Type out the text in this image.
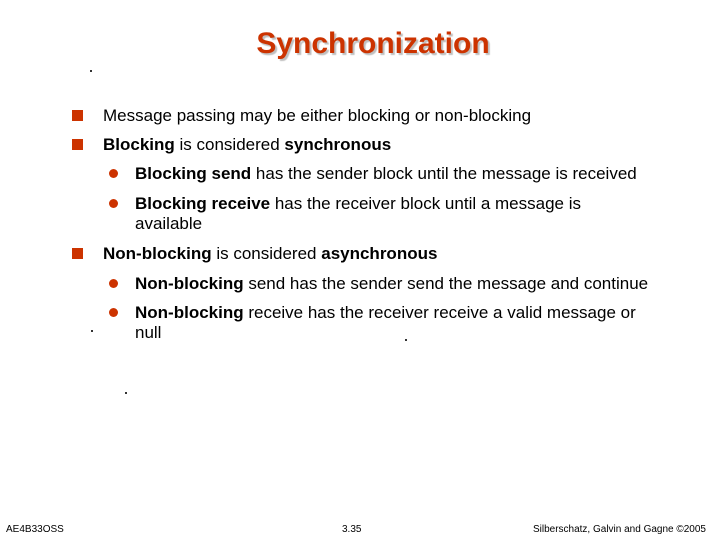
Synchronization
Message passing may be either blocking or non-blocking
Blocking is considered synchronous
Blocking send has the sender block until the message is received
Blocking receive has the receiver block until a message is
available
Non-blocking is considered asynchronous
Non-blocking send has the sender send the message and continue
Non-blocking receive has the receiver receive a valid message or
null
AE4B33OSS	3.35	Silberschatz, Galvin and Gagne ©2005
